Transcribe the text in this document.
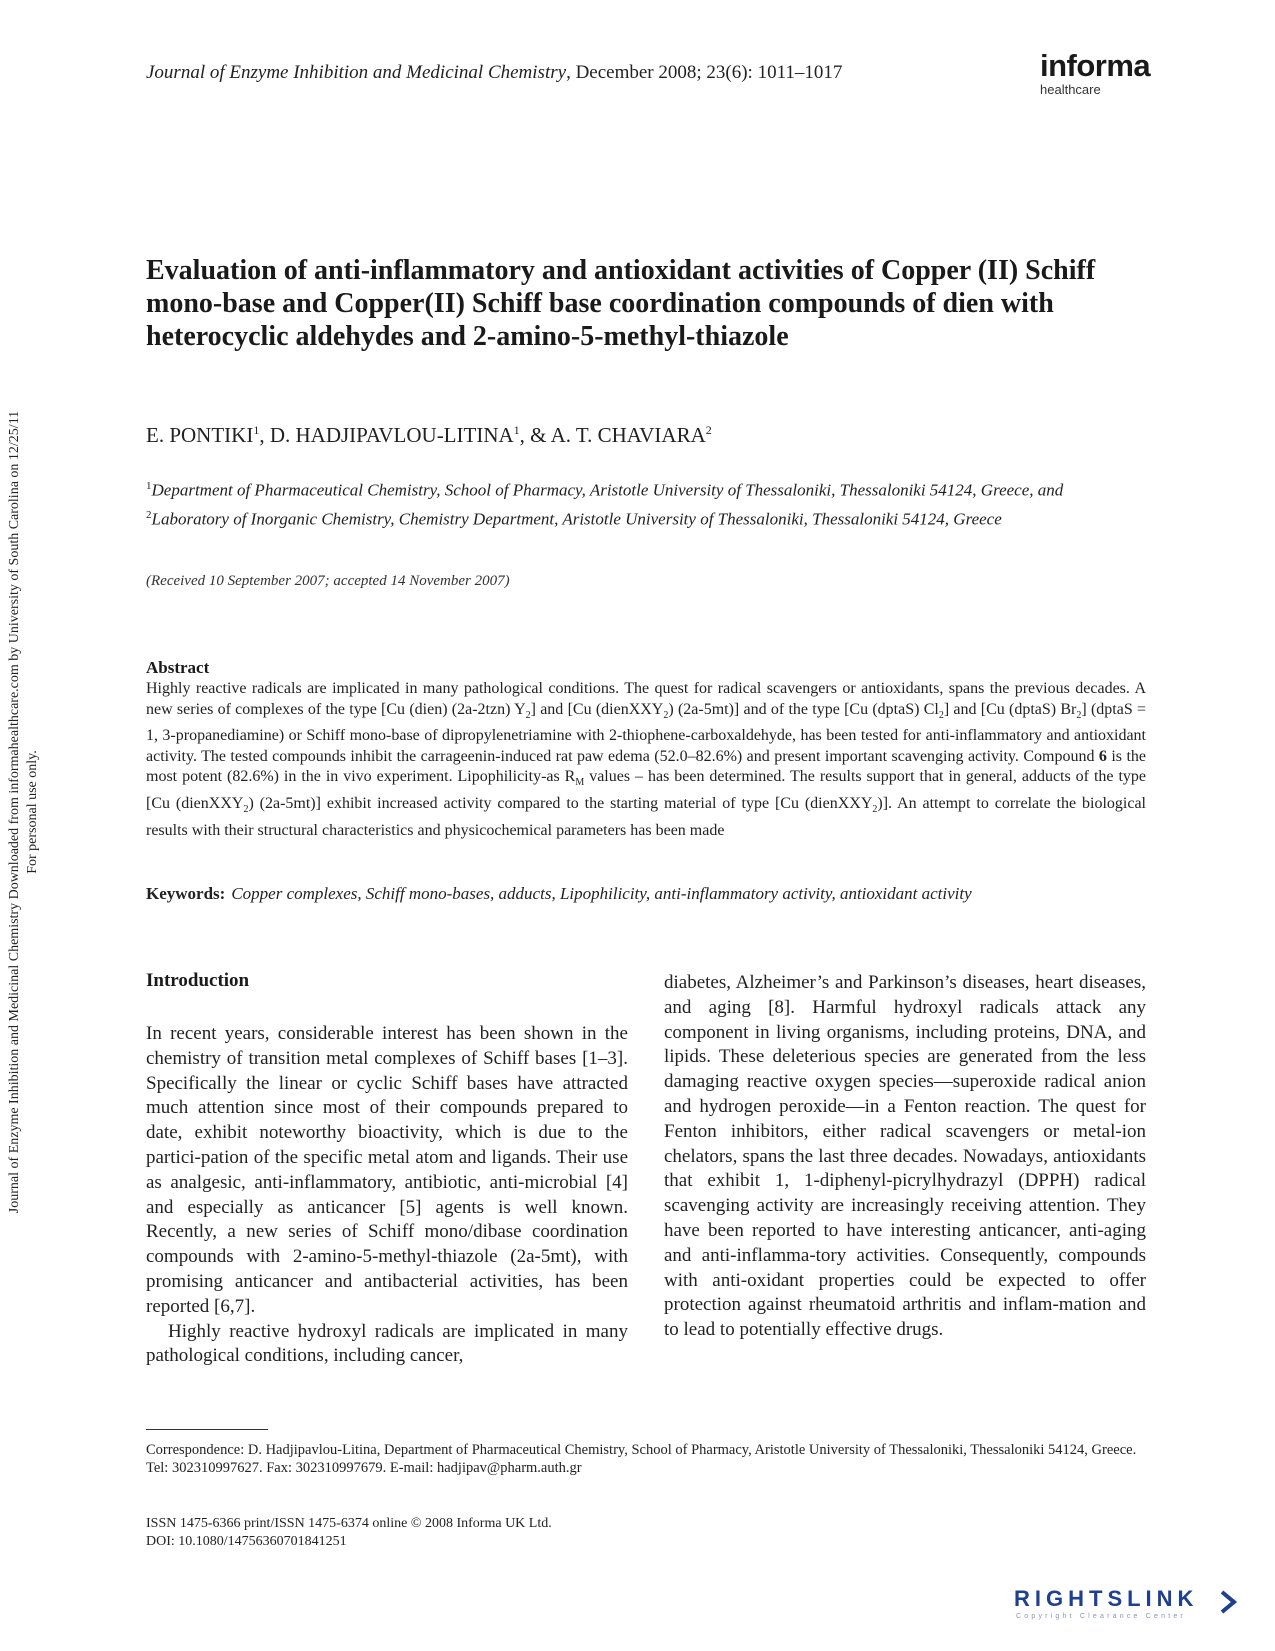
Journal of Enzyme Inhibition and Medicinal Chemistry, December 2008; 23(6): 1011–1017	informa
healthcare
Journal of Enzyme Inhibition and Medicinal Chemistry Downloaded from informahealthcare.com by University of South Carolina on 12/25/11 For personal use only.
Evaluation of anti-inflammatory and antioxidant activities of Copper (II) Schiff mono-base and Copper(II) Schiff base coordination compounds of dien with heterocyclic aldehydes and 2-amino-5-methyl-thiazole
E. PONTIKI$^1$, D. HADJIPAVLOU-LITINA$^1$, & A. T. CHAVIARA$^2$
$^1$Department of Pharmaceutical Chemistry, School of Pharmacy, Aristotle University of Thessaloniki, Thessaloniki 54124, Greece, and $^2$Laboratory of Inorganic Chemistry, Chemistry Department, Aristotle University of Thessaloniki, Thessaloniki 54124, Greece
(Received 10 September 2007; accepted 14 November 2007)
Abstract
Highly reactive radicals are implicated in many pathological conditions. The quest for radical scavengers or antioxidants, spans the previous decades. A new series of complexes of the type [Cu (dien) (2a-2tzn) $Y_2$] and [Cu (dienXXY$_2$) (2a-5mt)] and of the type [Cu (dptaS) $Cl_2$] and [Cu (dptaS) $Br_2$] (dptaS = 1, 3-propanediamine) or Schiff mono-base of dipropylenetriamine with 2-thiophene-carboxaldehyde, has been tested for anti-inflammatory and antioxidant activity. The tested compounds inhibit the carrageenin-induced rat paw edema (52.0–82.6%) and present important scavenging activity. Compound 6 is the most potent (82.6%) in the in vivo experiment. Lipophilicity-as $R_M$ values – has been determined. The results support that in general, adducts of the type [Cu (dienXXY$_2$) (2a-5mt)] exhibit increased activity compared to the starting material of type [Cu (dienXXY$_2$)]. An attempt to correlate the biological results with their structural characteristics and physicochemical parameters has been made
Keywords: Copper complexes, Schiff mono-bases, adducts, Lipophilicity, anti-inflammatory activity, antioxidant activity
Introduction

In recent years, considerable interest has been shown in the chemistry of transition metal complexes of Schiff bases [1–3]. Specifically the linear or cyclic Schiff bases have attracted much attention since most of their compounds prepared to date, exhibit noteworthy bioactivity, which is due to the partici-pation of the specific metal atom and ligands. Their use as analgesic, anti-inflammatory, antibiotic, anti-microbial [4] and especially as anticancer [5] agents is well known. Recently, a new series of Schiff mono/dibase coordination compounds with 2-amino-5-methyl-thiazole (2a-5mt), with promising anticancer and antibacterial activities, has been reported [6,7].

Highly reactive hydroxyl radicals are implicated in many pathological conditions, including cancer,

diabetes, Alzheimer’s and Parkinson’s diseases, heart diseases, and aging [8]. Harmful hydroxyl radicals attack any component in living organisms, including proteins, DNA, and lipids. These deleterious species are generated from the less damaging reactive oxygen species—superoxide radical anion and hydrogen peroxide—in a Fenton reaction. The quest for Fenton inhibitors, either radical scavengers or metal-ion chelators, spans the last three decades. Nowadays, antioxidants that exhibit 1, 1-diphenyl-picrylhydrazyl (DPPH) radical scavenging activity are increasingly receiving attention. They have been reported to have interesting anticancer, anti-aging and anti-inflamma-tory activities. Consequently, compounds with anti-oxidant properties could be expected to offer protection against rheumatoid arthritis and inflam-mation and to lead to potentially effective drugs.

Correspondence: D. Hadjipavlou-Litina, Department of Pharmaceutical Chemistry, School of Pharmacy, Aristotle University of Thessaloniki, Thessaloniki 54124, Greece. Tel: 302310997627. Fax: 302310997679. E-mail: hadjipav@pharm.auth.gr
ISSN 1475-6366 print/ISSN 1475-6374 online © 2008 Informa UK Ltd.
DOI: 10.1080/14756360701841251
RIGHTSLINK
Copyright Clearance Center
